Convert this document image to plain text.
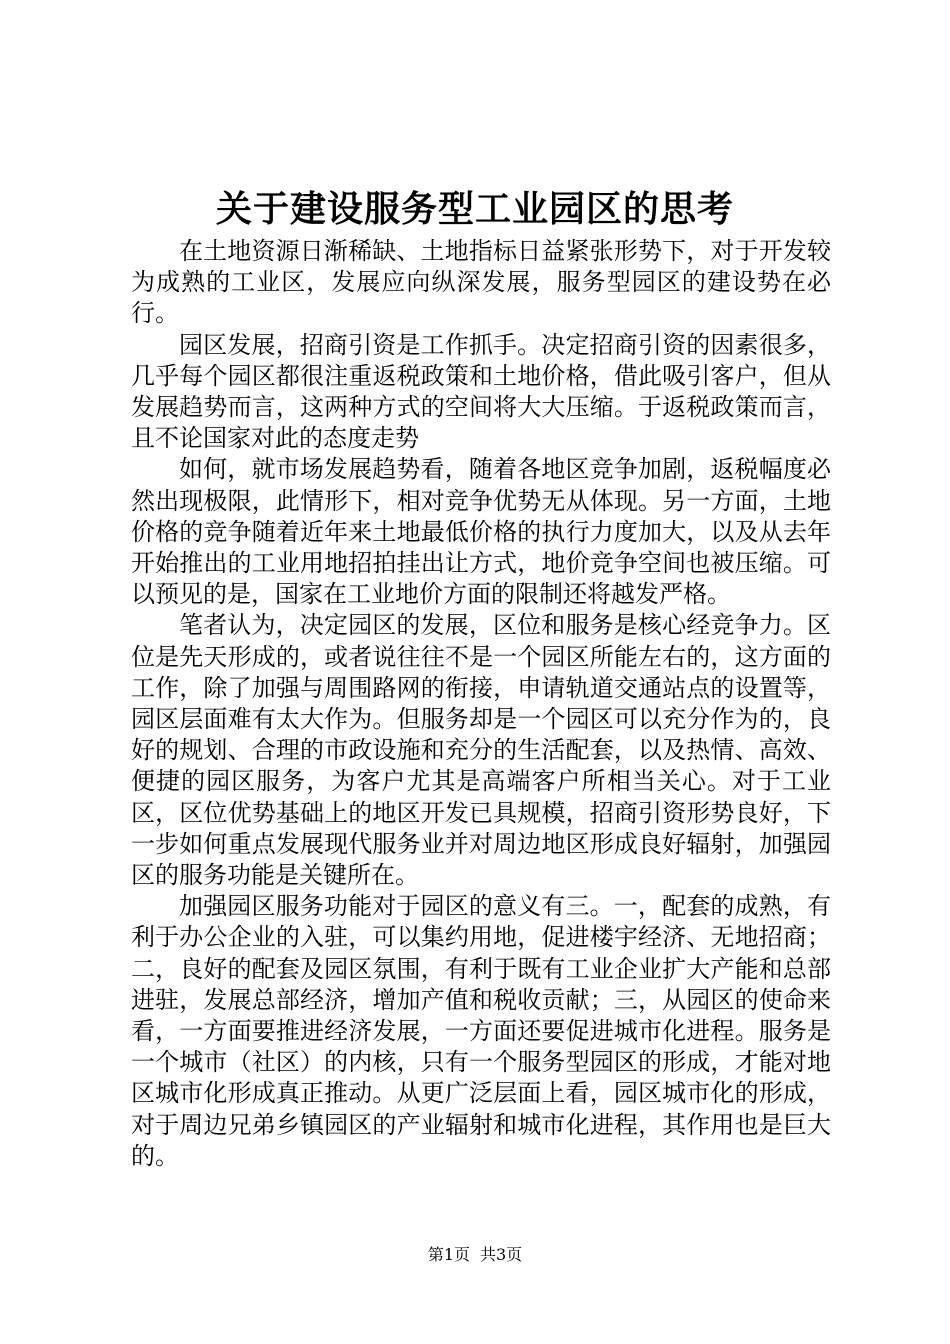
关于建设服务型工业园区的思考

在土地资源日渐稀缺、土地指标日益紧张形势下，对于开发较为成熟的工业区，发展应向纵深发展，服务型园区的建设势在必行。

园区发展，招商引资是工作抓手。决定招商引资的因素很多，几乎每个园区都很注重返税政策和土地价格，借此吸引客户，但从发展趋势而言，这两种方式的空间将大大压缩。于返税政策而言，且不论国家对此的态度走势

如何，就市场发展趋势看，随着各地区竞争加剧，返税幅度必然出现极限，此情形下，相对竞争优势无从体现。另一方面，土地价格的竞争随着近年来土地最低价格的执行力度加大，以及从去年开始推出的工业用地招拍挂出让方式，地价竞争空间也被压缩。可以预见的是，国家在工业地价方面的限制还将越发严格。

笔者认为，决定园区的发展，区位和服务是核心经竞争力。区位是先天形成的，或者说往往不是一个园区所能左右的，这方面的工作，除了加强与周围路网的衔接，申请轨道交通站点的设置等，园区层面难有太大作为。但服务却是一个园区可以充分作为的，良好的规划、合理的市政设施和充分的生活配套，以及热情、高效、便捷的园区服务，为客户尤其是高端客户所相当关心。对于工业区，区位优势基础上的地区开发已具规模，招商引资形势良好，下一步如何重点发展现代服务业并对周边地区形成良好辐射，加强园区的服务功能是关键所在。

加强园区服务功能对于园区的意义有三。一，配套的成熟，有利于办公企业的入驻，可以集约用地，促进楼宇经济、无地招商；二，良好的配套及园区氛围，有利于既有工业企业扩大产能和总部进驻，发展总部经济，增加产值和税收贡献；三，从园区的使命来看，一方面要推进经济发展，一方面还要促进城市化进程。服务是一个城市（社区）的内核，只有一个服务型园区的形成，才能对地区城市化形成真正推动。从更广泛层面上看，园区城市化的形成，对于周边兄弟乡镇园区的产业辐射和城市化进程，其作用也是巨大的。

第1页 共3页
